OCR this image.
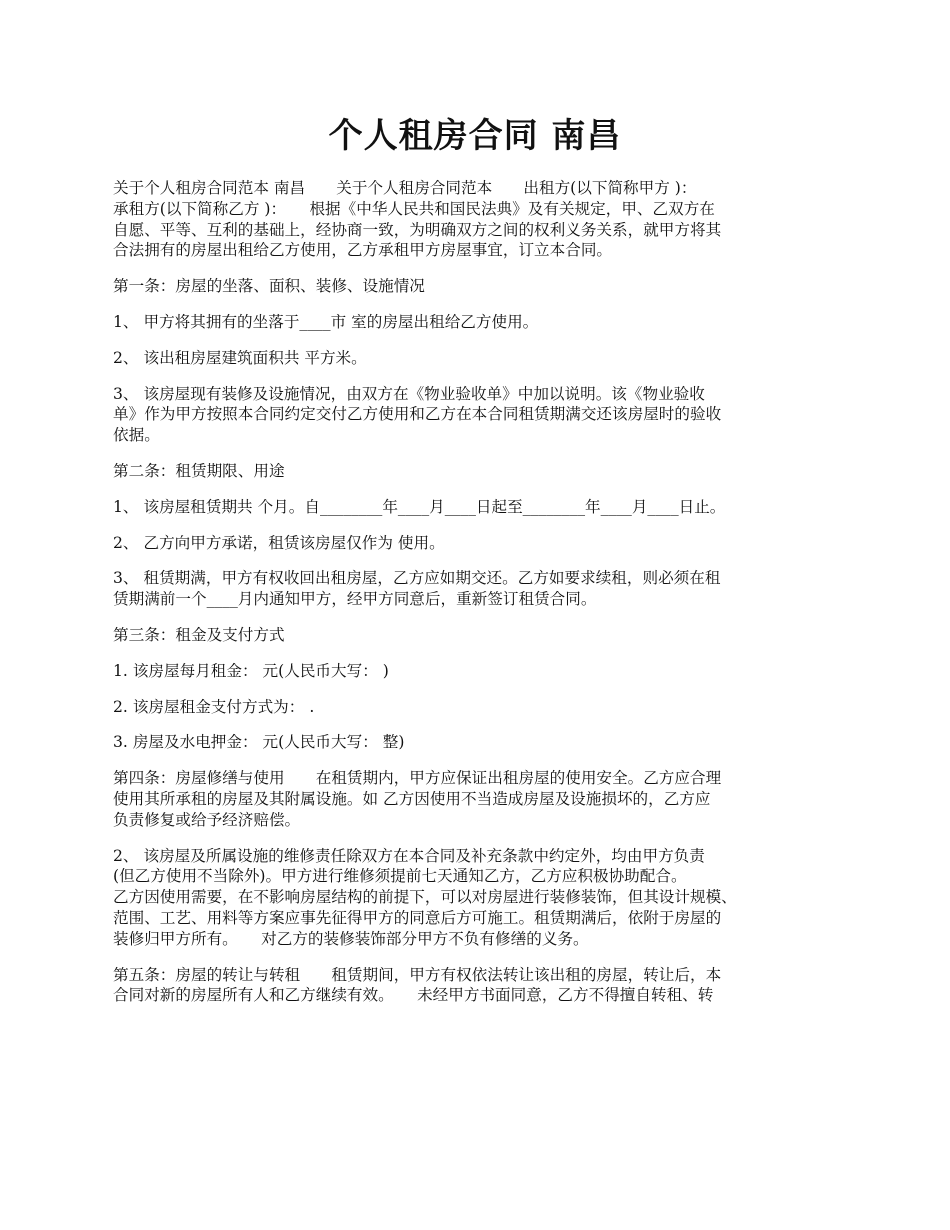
个人租房合同 南昌
关于个人租房合同范本 南昌　　关于个人租房合同范本　　出租方(以下简称甲方 )：
承租方(以下简称乙方 )：　　根据《中华人民共和国民法典》及有关规定，甲、乙双方在
自愿、平等、互利的基础上，经协商一致，为明确双方之间的权利义务关系，就甲方将其
合法拥有的房屋出租给乙方使用，乙方承租甲方房屋事宜，订立本合同。
第一条：房屋的坐落、面积、装修、设施情况
1、 甲方将其拥有的坐落于____市 室的房屋出租给乙方使用。
2、 该出租房屋建筑面积共 平方米。
3、 该房屋现有装修及设施情况，由双方在《物业验收单》中加以说明。该《物业验收
单》作为甲方按照本合同约定交付乙方使用和乙方在本合同租赁期满交还该房屋时的验收
依据。
第二条：租赁期限、用途
1、 该房屋租赁期共 个月。自________年____月____日起至________年____月____日止。
2、 乙方向甲方承诺，租赁该房屋仅作为 使用。
3、 租赁期满，甲方有权收回出租房屋，乙方应如期交还。乙方如要求续租，则必须在租
赁期满前一个____月内通知甲方，经甲方同意后，重新签订租赁合同。
第三条：租金及支付方式
1. 该房屋每月租金： 元(人民币大写： )
2. 该房屋租金支付方式为： .
3. 房屋及水电押金： 元(人民币大写： 整)
第四条：房屋修缮与使用　　在租赁期内，甲方应保证出租房屋的使用安全。乙方应合理
使用其所承租的房屋及其附属设施。如 乙方因使用不当造成房屋及设施损坏的，乙方应
负责修复或给予经济赔偿。
2、 该房屋及所属设施的维修责任除双方在本合同及补充条款中约定外，均由甲方负责
(但乙方使用不当除外)。甲方进行维修须提前七天通知乙方，乙方应积极协助配合。
乙方因使用需要，在不影响房屋结构的前提下，可以对房屋进行装修装饰，但其设计规模、
范围、工艺、用料等方案应事先征得甲方的同意后方可施工。租赁期满后，依附于房屋的
装修归甲方所有。　　对乙方的装修装饰部分甲方不负有修缮的义务。
第五条：房屋的转让与转租　　租赁期间，甲方有权依法转让该出租的房屋，转让后，本
合同对新的房屋所有人和乙方继续有效。　　未经甲方书面同意，乙方不得擅自转租、转
